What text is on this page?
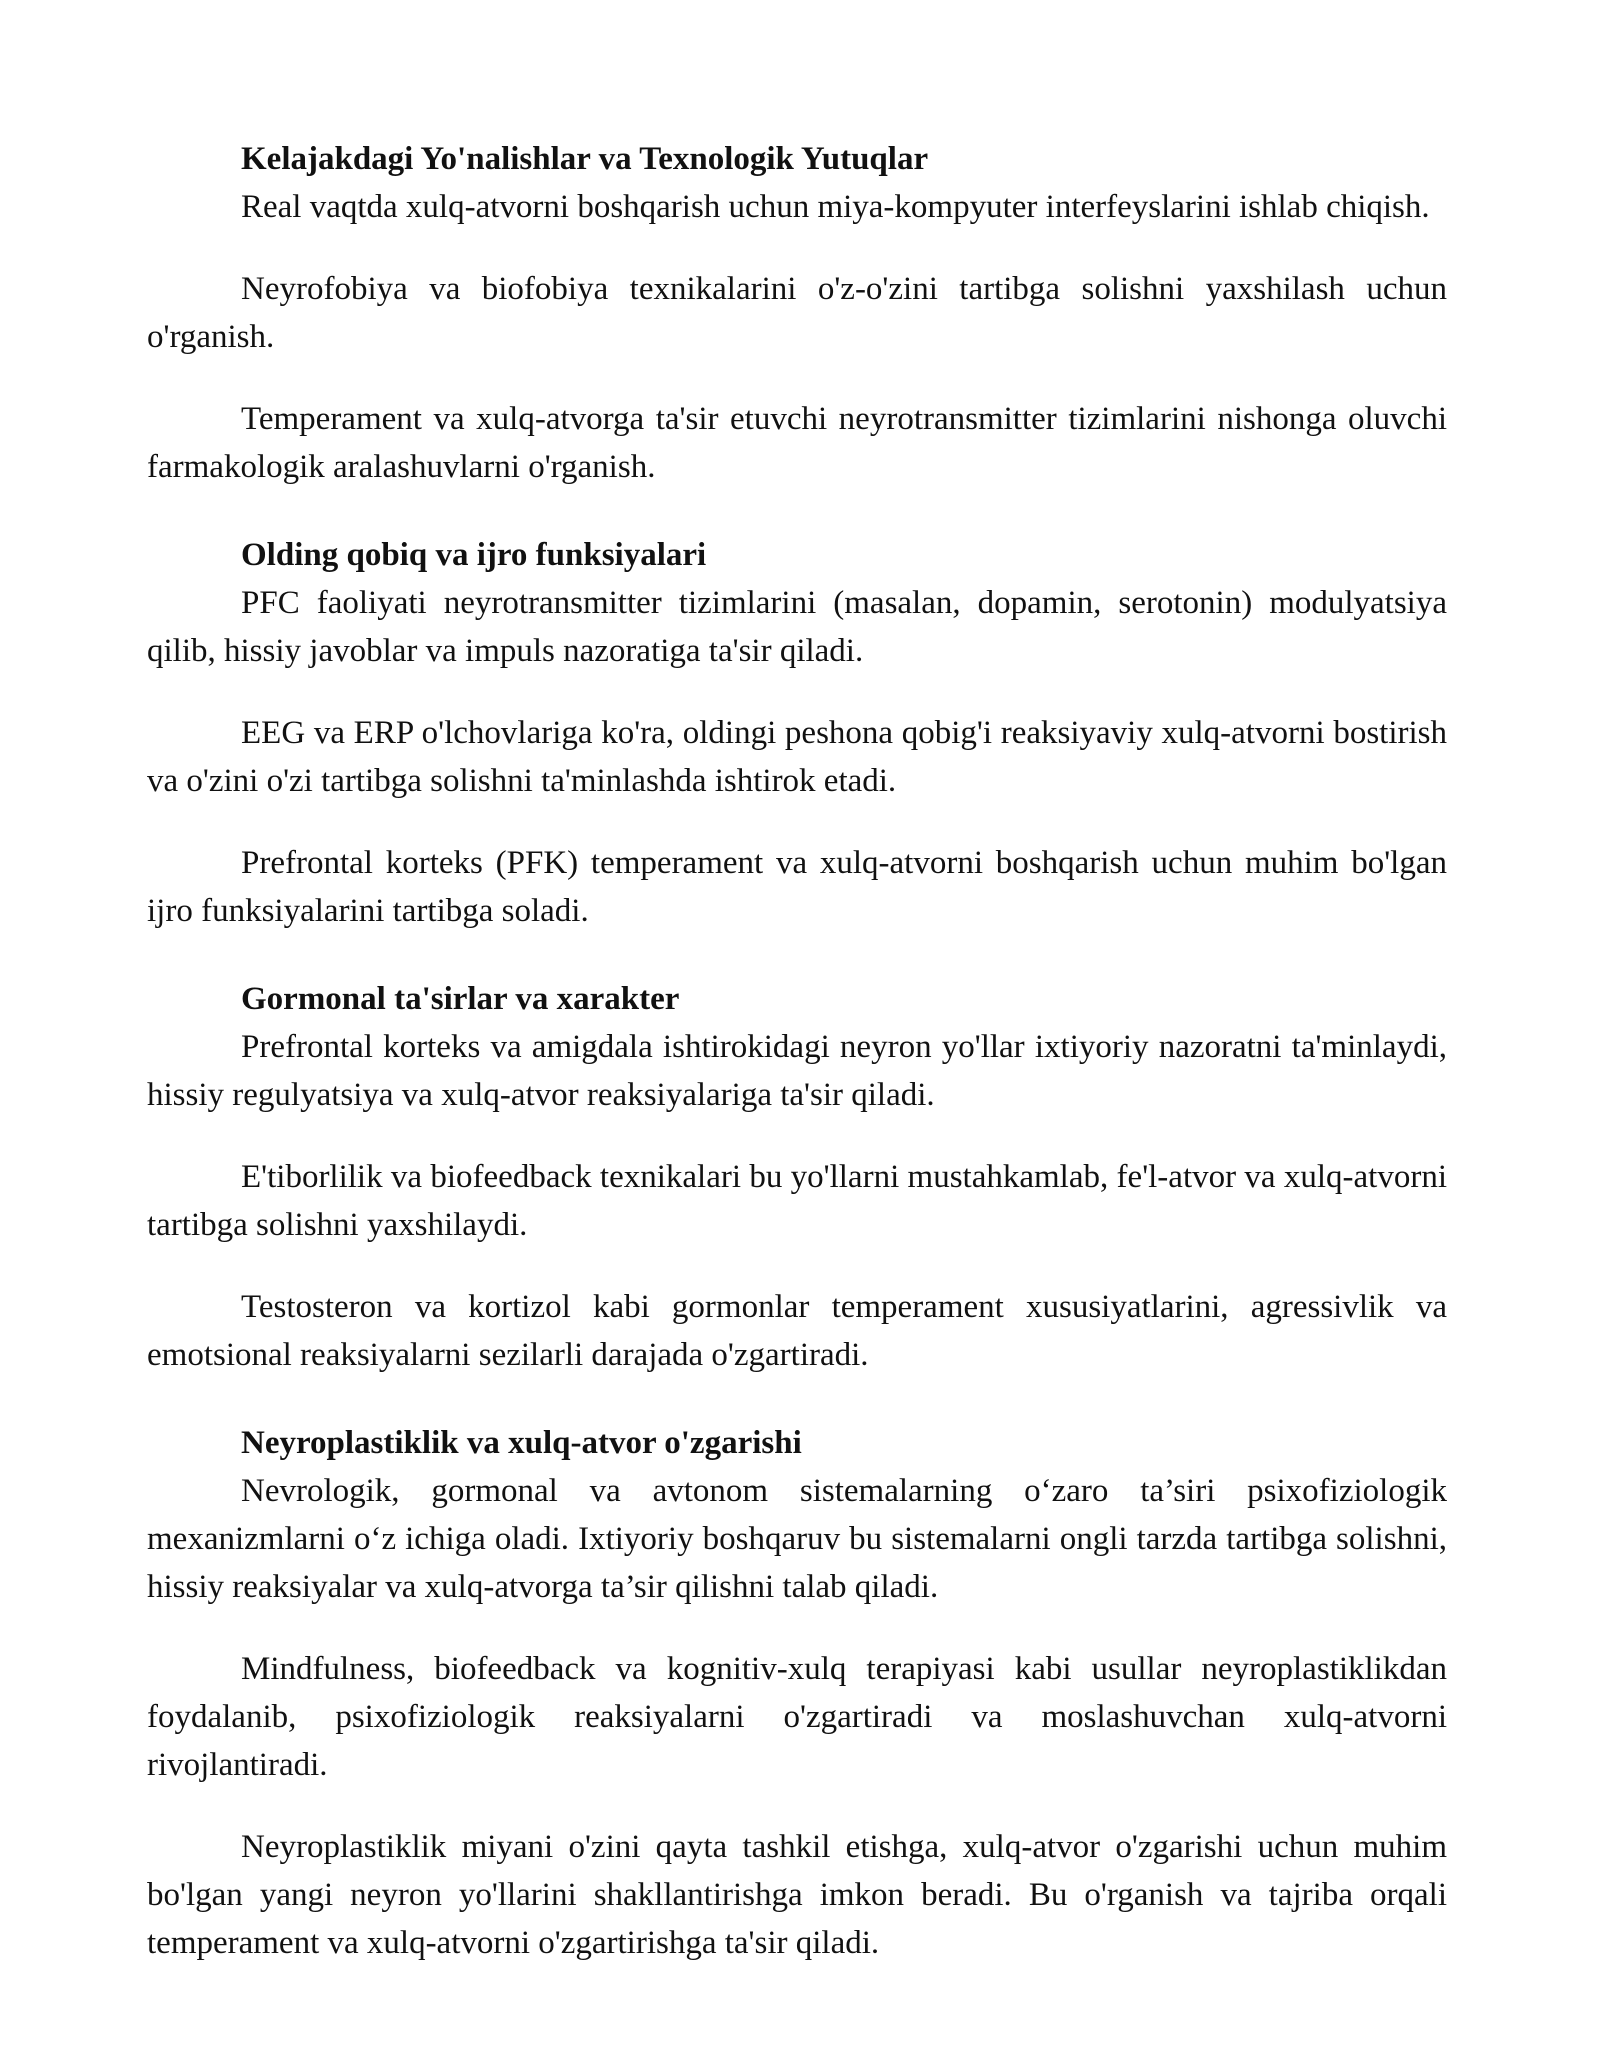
Kelajakdagi Yo'nalishlar va Texnologik Yutuqlar

Real vaqtda xulq-atvorni boshqarish uchun miya-kompyuter interfeyslarini ishlab chiqish.

Neyrofobiya va biofobiya texnikalarini o'z-o'zini tartibga solishni yaxshilash uchun o'rganish.

Temperament va xulq-atvorga ta'sir etuvchi neyrotransmitter tizimlarini nishonga oluvchi farmakologik aralashuvlarni o'rganish.

Olding qobiq va ijro funksiyalari

PFC faoliyati neyrotransmitter tizimlarini (masalan, dopamin, serotonin) modulyatsiya qilib, hissiy javoblar va impuls nazoratiga ta'sir qiladi.

EEG va ERP o'lchovlariga ko'ra, oldingi peshona qobig'i reaksiyaviy xulq-atvorni bostirish va o'zini o'zi tartibga solishni ta'minlashda ishtirok etadi.

Prefrontal korteks (PFK) temperament va xulq-atvorni boshqarish uchun muhim bo'lgan ijro funksiyalarini tartibga soladi.

Gormonal ta'sirlar va xarakter

Prefrontal korteks va amigdala ishtirokidagi neyron yo'llar ixtiyoriy nazoratni ta'minlaydi, hissiy regulyatsiya va xulq-atvor reaksiyalariga ta'sir qiladi.

E'tiborlilik va biofeedback texnikalari bu yo'llarni mustahkamlab, fe'l-atvor va xulq-atvorni tartibga solishni yaxshilaydi.

Testosteron va kortizol kabi gormonlar temperament xususiyatlarini, agressivlik va emotsional reaksiyalarni sezilarli darajada o'zgartiradi.

Neyroplastiklik va xulq-atvor o'zgarishi

Nevrologik, gormonal va avtonom sistemalarning o‘zaro ta’siri psixofiziologik mexanizmlarni o‘z ichiga oladi. Ixtiyoriy boshqaruv bu sistemalarni ongli tarzda tartibga solishni, hissiy reaksiyalar va xulq-atvorga ta’sir qilishni talab qiladi.

Mindfulness, biofeedback va kognitiv-xulq terapiyasi kabi usullar neyroplastiklikdan foydalanib, psixofiziologik reaksiyalarni o'zgartiradi va moslashuvchan xulq-atvorni rivojlantiradi.

Neyroplastiklik miyani o'zini qayta tashkil etishga, xulq-atvor o'zgarishi uchun muhim bo'lgan yangi neyron yo'llarini shakllantirishga imkon beradi. Bu o'rganish va tajriba orqali temperament va xulq-atvorni o'zgartirishga ta'sir qiladi.
